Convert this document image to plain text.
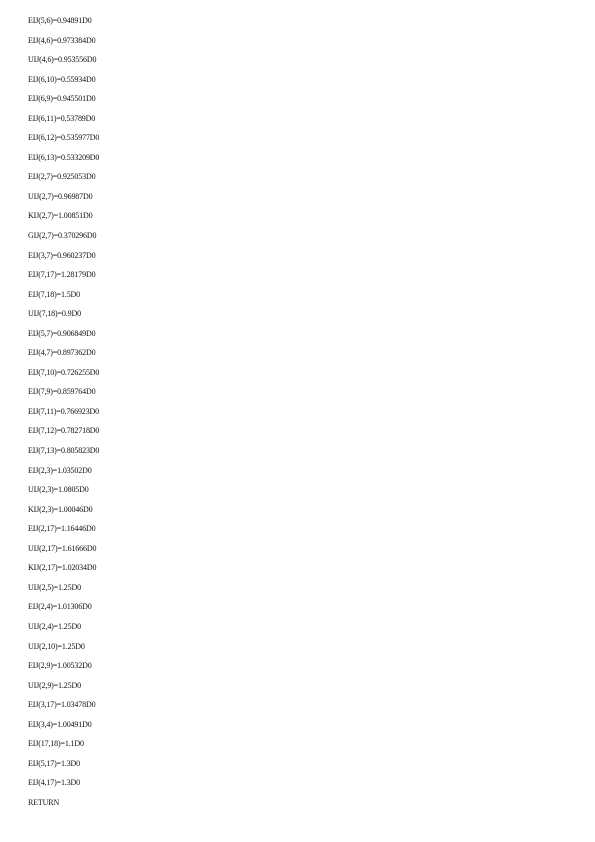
EIJ(5,6)=0.94891D0
EIJ(4,6)=0.973384D0
UIJ(4,6)=0.953556D0
EIJ(6,10)=0.55934D0
EIJ(6,9)=0.945501D0
EIJ(6,11)=0.53789D0
EIJ(6,12)=0.535977D0
EIJ(6,13)=0.533209D0
EIJ(2,7)=0.925053D0
UIJ(2,7)=0.96987D0
KIJ(2,7)=1.00851D0
GIJ(2,7)=0.370296D0
EIJ(3,7)=0.960237D0
EIJ(7,17)=1.28179D0
EIJ(7,18)=1.5D0
UIJ(7,18)=0.9D0
EIJ(5,7)=0.906849D0
EIJ(4,7)=0.897362D0
EIJ(7,10)=0.726255D0
EIJ(7,9)=0.859764D0
EIJ(7,11)=0.766923D0
EIJ(7,12)=0.782718D0
EIJ(7,13)=0.805823D0
EIJ(2,3)=1.03502D0
UIJ(2,3)=1.0805D0
KIJ(2,3)=1.00046D0
EIJ(2,17)=1.16446D0
UIJ(2,17)=1.61666D0
KIJ(2,17)=1.02034D0
UIJ(2,5)=1.25D0
EIJ(2,4)=1.01306D0
UIJ(2,4)=1.25D0
UIJ(2,10)=1.25D0
EIJ(2,9)=1.00532D0
UIJ(2,9)=1.25D0
EIJ(3,17)=1.03478D0
EIJ(3,4)=1.00491D0
EIJ(17,18)=1.1D0
EIJ(5,17)=1.3D0
EIJ(4,17)=1.3D0
RETURN
